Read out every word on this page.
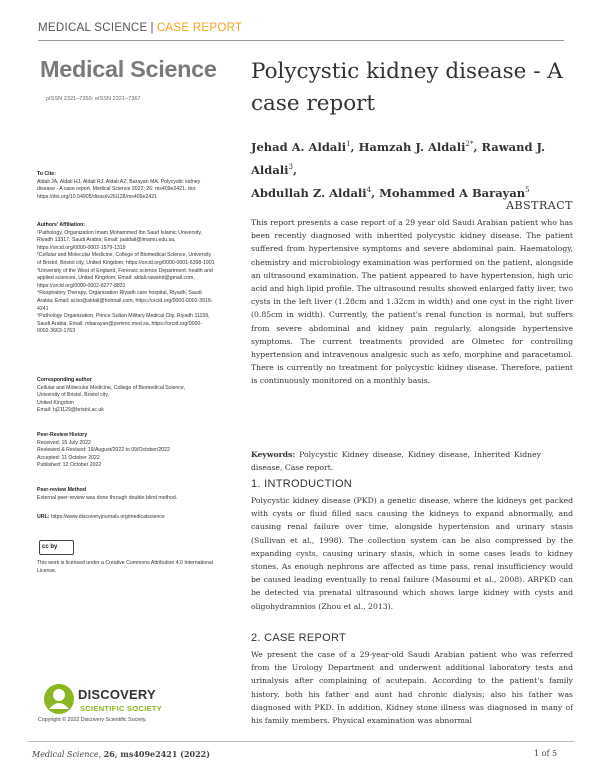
MEDICAL SCIENCE | CASE REPORT
Medical Science
pISSN 2321–7359; eISSN 2321–7367
Polycystic kidney disease - A case report
Jehad A. Aldali$^1$, Hamzah J. Aldali$^{2*}$, Rawand J. Aldali$^3$,
Abdullah Z. Aldali$^4$, Mohammed A Barayan$^5$

To Cite:

Aldali JA, Aldali HJ, Aldali RJ, Aldali AZ, Barayan MA. Polycystic kidney disease - A case report. Medical Science 2022; 26: ms409e2421. doi: https://doi.org/10.54905/disssi/v26i128/ms409e2421

Authors' Affiliation:

¹Pathology, Organization Imam Mohammed Ibn Saud Islamic University, Riyadh 13317, Saudi Arabia; Email: jaaldali@imamu.edu.sa, https://orcid.org/0000-0002-1579-1319

²Cellular and Molecular Medicine, College of Biomedical Science, University of Bristol, Bristol city, United Kingdom; https://orcid.org/0000-0001-6398-1901

³University of the West of England, Forensic science Department: health and applied sciences, United Kingdom; Email: aldali.rawand@gmail.com, https://orcid.org/0000-0002-8277-8831

⁴Respiratory Therapy, Organization Riyadh care hospital, Riyadh, Saudi Arabia; Email: al.bo@aldali@hotmail.com, https://orcid.org/0000-0002-3916-4241

⁵Pathology Organization, Prince Sultan Military Medical City, Riyadh 11159, Saudi Arabia; Email: mbarayan@psmmc.med.sa, https://orcid.org/0000-0002-3663-1763

Corresponding author

Cellular and Molecular Medicine, College of Biomedical Science,

University of Bristol, Bristol city,

United Kingdom

Email: hj21129@bristol.ac.uk

Peer-Review History

Received: 15 July 2022

Reviewed & Revised: 19/August/2022 to 09/October/2022

Accepted: 11 October 2022

Published: 12 October 2022

Peer-review Method

External peer-review was done through double-blind method.

URL: https://www.discoveryjournals.org/medicalscience

cc by

This work is licensed under a Creative Commons Attribution 4.0 International License.

DISCOVERY
SCIENTIFIC SOCIETY
Copyright © 2022 Discovery Scientific Society.
ABSTRACT
This report presents a case report of a 29 year old Saudi Arabian patient who has been recently diagnosed with inherited polycystic kidney disease. The patient suffered from hypertensive symptoms and severe abdominal pain. Haematology, chemistry and microbiology examination was performed on the patient, alongside an ultrasound examination. The patient appeared to have hypertension, high uric acid and high lipid profile. The ultrasound results showed enlarged fatty liver, two cysts in the left liver (1.28cm and 1.32cm in width) and one cyst in the right liver (0.85cm in width). Currently, the patient's renal function is normal, but suffers from severe abdominal and kidney pain regularly, alongside hypertensive symptoms. The current treatments provided are Olmetec for controlling hypertension and intravenous analgesic such as xefo, morphine and paracetamol. There is currently no treatment for polycystic kidney disease. Therefore, patient is continuously monitored on a monthly basis.
Keywords: Polycystic Kidney disease, Kidney disease, Inherited Kidney disease, Case report.
1. INTRODUCTION
Polycystic kidney disease (PKD) a genetic disease, where the kidneys get packed with cysts or fluid filled sacs causing the kidneys to expand abnormally, and causing renal failure over time, alongside hypertension and urinary stasis (Sullivan et al., 1998). The collection system can be also compressed by the expanding cysts, causing urinary stasis, which in some cases leads to kidney stones. As enough nephrons are affected as time pass, renal insufficiency would be caused leading eventually to renal failure (Masoumi et al., 2008). ARPKD can be detected via prenatal ultrasound which shows large kidney with cysts and oligohydramnios (Zhou et al., 2013).
2. CASE REPORT
We present the case of a 29-year-old Saudi Arabian patient who was referred from the Urology Department and underwent additional laboratory tests and urinalysis after complaining of acutepain. According to the patient's family history, both his father and aunt had chronic dialysis; also his father was diagnosed with PKD. In addition, Kidney stone illness was diagnosed in many of his family members. Physical examination was abnormal
Medical Science, 26, ms409e2421 (2022)	1 of 5
